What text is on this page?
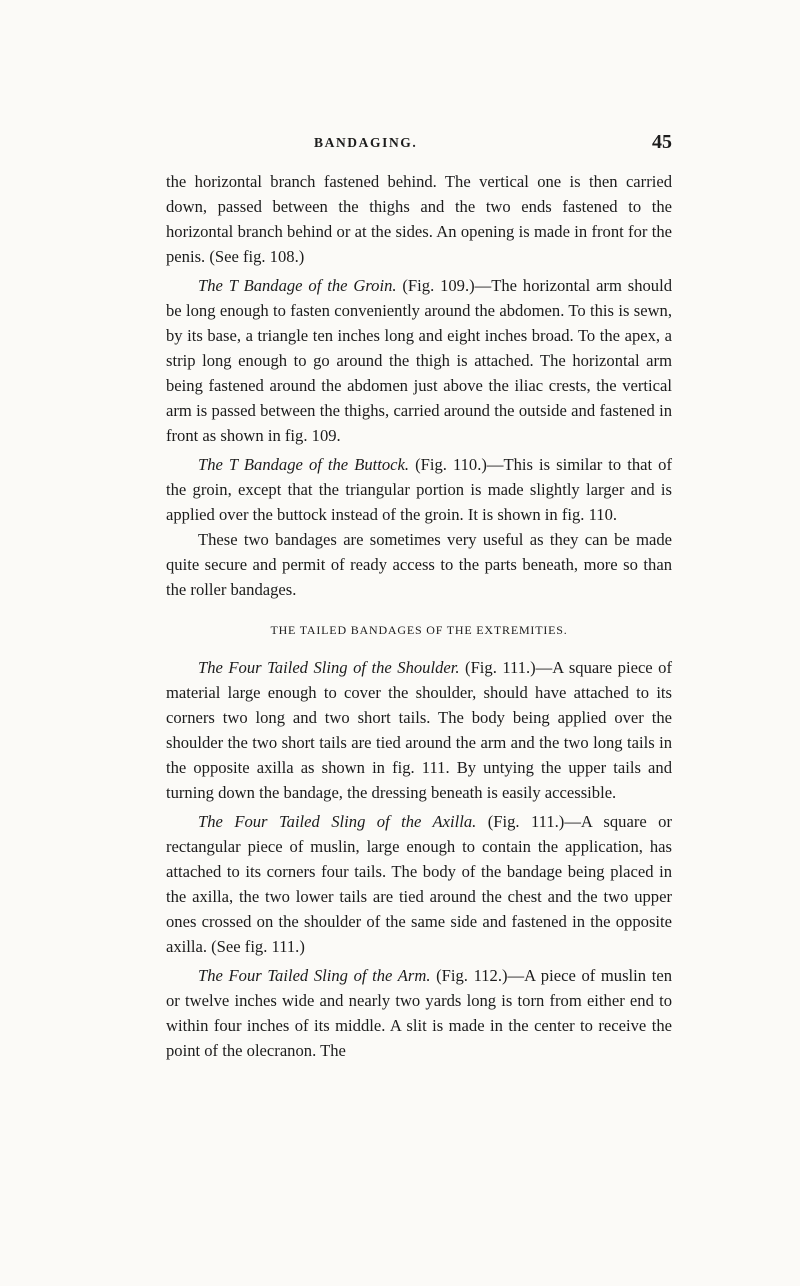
BANDAGING.	45

the horizontal branch fastened behind. The vertical one is then carried down, passed between the thighs and the two ends fastened to the horizontal branch behind or at the sides. An opening is made in front for the penis. (See fig. 108.)

The T Bandage of the Groin. (Fig. 109.)—The horizontal arm should be long enough to fasten conveniently around the abdomen. To this is sewn, by its base, a triangle ten inches long and eight inches broad. To the apex, a strip long enough to go around the thigh is attached. The horizontal arm being fastened around the abdomen just above the iliac crests, the vertical arm is passed between the thighs, carried around the outside and fastened in front as shown in fig. 109.

The T Bandage of the Buttock. (Fig. 110.)—This is similar to that of the groin, except that the triangular portion is made slightly larger and is applied over the buttock instead of the groin. It is shown in fig. 110.

These two bandages are sometimes very useful as they can be made quite secure and permit of ready access to the parts beneath, more so than the roller bandages.

THE TAILED BANDAGES OF THE EXTREMITIES.

The Four Tailed Sling of the Shoulder. (Fig. 111.)—A square piece of material large enough to cover the shoulder, should have attached to its corners two long and two short tails. The body being applied over the shoulder the two short tails are tied around the arm and the two long tails in the opposite axilla as shown in fig. 111. By untying the upper tails and turning down the bandage, the dressing beneath is easily accessible.

The Four Tailed Sling of the Axilla. (Fig. 111.)—A square or rectangular piece of muslin, large enough to contain the application, has attached to its corners four tails. The body of the bandage being placed in the axilla, the two lower tails are tied around the chest and the two upper ones crossed on the shoulder of the same side and fastened in the opposite axilla. (See fig. 111.)

The Four Tailed Sling of the Arm. (Fig. 112.)—A piece of muslin ten or twelve inches wide and nearly two yards long is torn from either end to within four inches of its middle. A slit is made in the center to receive the point of the olecranon. The
